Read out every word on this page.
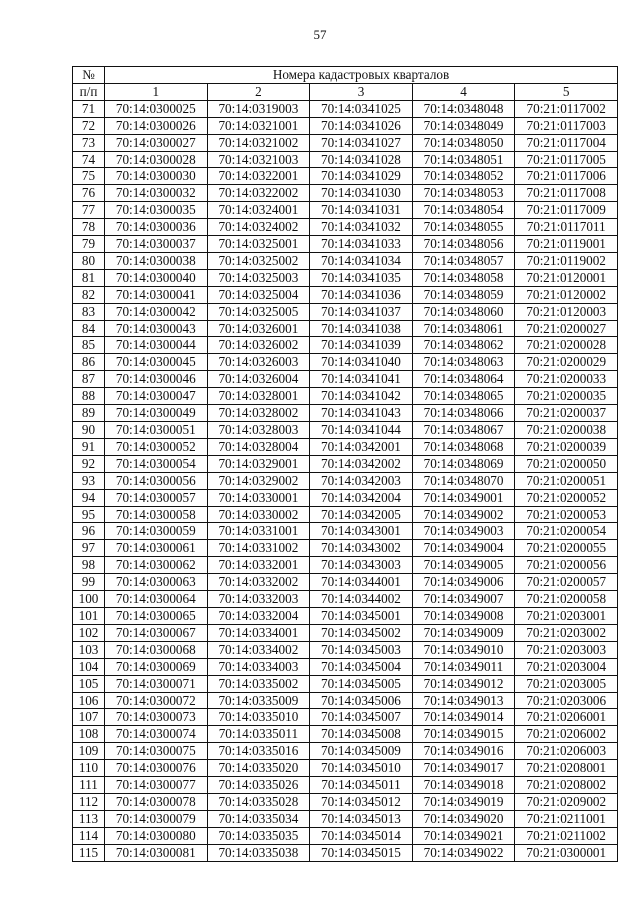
57
№	Номера кадастровых кварталов				
п/п	1	2	3	4	5
71	70:14:0300025	70:14:0319003	70:14:0341025	70:14:0348048	70:21:0117002
72	70:14:0300026	70:14:0321001	70:14:0341026	70:14:0348049	70:21:0117003
73	70:14:0300027	70:14:0321002	70:14:0341027	70:14:0348050	70:21:0117004
74	70:14:0300028	70:14:0321003	70:14:0341028	70:14:0348051	70:21:0117005
75	70:14:0300030	70:14:0322001	70:14:0341029	70:14:0348052	70:21:0117006
76	70:14:0300032	70:14:0322002	70:14:0341030	70:14:0348053	70:21:0117008
77	70:14:0300035	70:14:0324001	70:14:0341031	70:14:0348054	70:21:0117009
78	70:14:0300036	70:14:0324002	70:14:0341032	70:14:0348055	70:21:0117011
79	70:14:0300037	70:14:0325001	70:14:0341033	70:14:0348056	70:21:0119001
80	70:14:0300038	70:14:0325002	70:14:0341034	70:14:0348057	70:21:0119002
81	70:14:0300040	70:14:0325003	70:14:0341035	70:14:0348058	70:21:0120001
82	70:14:0300041	70:14:0325004	70:14:0341036	70:14:0348059	70:21:0120002
83	70:14:0300042	70:14:0325005	70:14:0341037	70:14:0348060	70:21:0120003
84	70:14:0300043	70:14:0326001	70:14:0341038	70:14:0348061	70:21:0200027
85	70:14:0300044	70:14:0326002	70:14:0341039	70:14:0348062	70:21:0200028
86	70:14:0300045	70:14:0326003	70:14:0341040	70:14:0348063	70:21:0200029
87	70:14:0300046	70:14:0326004	70:14:0341041	70:14:0348064	70:21:0200033
88	70:14:0300047	70:14:0328001	70:14:0341042	70:14:0348065	70:21:0200035
89	70:14:0300049	70:14:0328002	70:14:0341043	70:14:0348066	70:21:0200037
90	70:14:0300051	70:14:0328003	70:14:0341044	70:14:0348067	70:21:0200038
91	70:14:0300052	70:14:0328004	70:14:0342001	70:14:0348068	70:21:0200039
92	70:14:0300054	70:14:0329001	70:14:0342002	70:14:0348069	70:21:0200050
93	70:14:0300056	70:14:0329002	70:14:0342003	70:14:0348070	70:21:0200051
94	70:14:0300057	70:14:0330001	70:14:0342004	70:14:0349001	70:21:0200052
95	70:14:0300058	70:14:0330002	70:14:0342005	70:14:0349002	70:21:0200053
96	70:14:0300059	70:14:0331001	70:14:0343001	70:14:0349003	70:21:0200054
97	70:14:0300061	70:14:0331002	70:14:0343002	70:14:0349004	70:21:0200055
98	70:14:0300062	70:14:0332001	70:14:0343003	70:14:0349005	70:21:0200056
99	70:14:0300063	70:14:0332002	70:14:0344001	70:14:0349006	70:21:0200057
100	70:14:0300064	70:14:0332003	70:14:0344002	70:14:0349007	70:21:0200058
101	70:14:0300065	70:14:0332004	70:14:0345001	70:14:0349008	70:21:0203001
102	70:14:0300067	70:14:0334001	70:14:0345002	70:14:0349009	70:21:0203002
103	70:14:0300068	70:14:0334002	70:14:0345003	70:14:0349010	70:21:0203003
104	70:14:0300069	70:14:0334003	70:14:0345004	70:14:0349011	70:21:0203004
105	70:14:0300071	70:14:0335002	70:14:0345005	70:14:0349012	70:21:0203005
106	70:14:0300072	70:14:0335009	70:14:0345006	70:14:0349013	70:21:0203006
107	70:14:0300073	70:14:0335010	70:14:0345007	70:14:0349014	70:21:0206001
108	70:14:0300074	70:14:0335011	70:14:0345008	70:14:0349015	70:21:0206002
109	70:14:0300075	70:14:0335016	70:14:0345009	70:14:0349016	70:21:0206003
110	70:14:0300076	70:14:0335020	70:14:0345010	70:14:0349017	70:21:0208001
111	70:14:0300077	70:14:0335026	70:14:0345011	70:14:0349018	70:21:0208002
112	70:14:0300078	70:14:0335028	70:14:0345012	70:14:0349019	70:21:0209002
113	70:14:0300079	70:14:0335034	70:14:0345013	70:14:0349020	70:21:0211001
114	70:14:0300080	70:14:0335035	70:14:0345014	70:14:0349021	70:21:0211002
115	70:14:0300081	70:14:0335038	70:14:0345015	70:14:0349022	70:21:0300001
